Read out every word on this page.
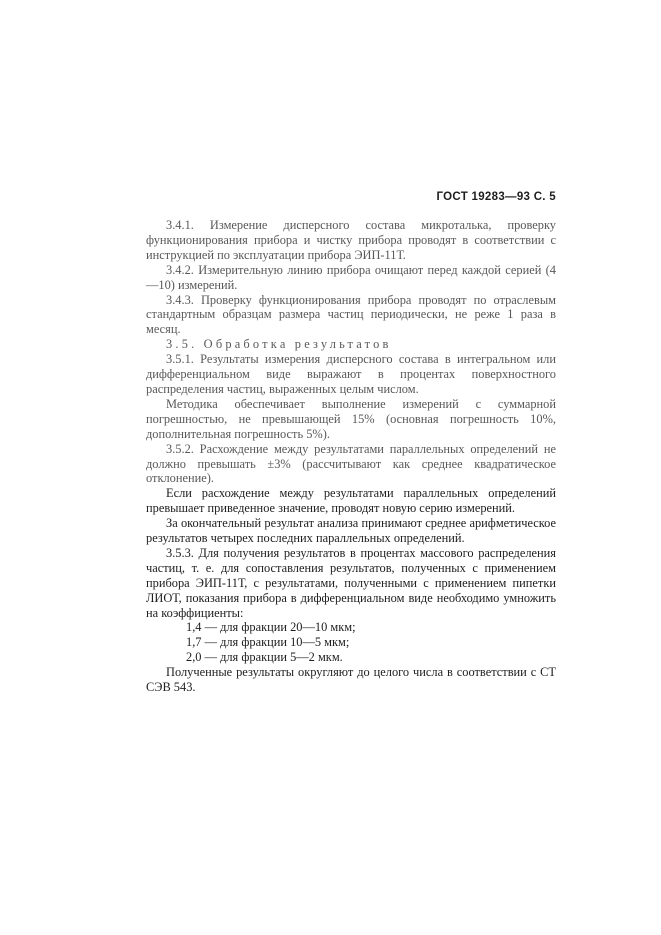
ГОСТ 19283—93 С. 5

3.4.1. Измерение дисперсного состава микроталька, проверку функционирования прибора и чистку прибора проводят в соответствии с инструкцией по эксплуатации прибора ЭИП-11Т.

3.4.2. Измерительную линию прибора очищают перед каждой серией (4—10) измерений.

3.4.3. Проверку функционирования прибора проводят по отраслевым стандартным образцам размера частиц периодически, не реже 1 раза в месяц.

3.5. Обработка результатов

3.5.1. Результаты измерения дисперсного состава в интегральном или дифференциальном виде выражают в процентах поверхностного распределения частиц, выраженных целым числом.

Методика обеспечивает выполнение измерений с суммарной погрешностью, не превышающей 15% (основная погрешность 10%, дополнительная погрешность 5%).

3.5.2. Расхождение между результатами параллельных определений не должно превышать ±3% (рассчитывают как среднее квадратическое отклонение).

Если расхождение между результатами параллельных определений превышает приведенное значение, проводят новую серию измерений.

За окончательный результат анализа принимают среднее арифметическое результатов четырех последних параллельных определений.

3.5.3. Для получения результатов в процентах массового распределения частиц, т. е. для сопоставления результатов, полученных с применением прибора ЭИП-11Т, с результатами, полученными с применением пипетки ЛИОТ, показания прибора в дифференциальном виде необходимо умножить на коэффициенты:

1,4 — для фракции 20—10 мкм;

1,7 — для фракции 10—5 мкм;

2,0 — для фракции 5—2 мкм.

Полученные результаты округляют до целого числа в соответствии с СТ СЭВ 543.
